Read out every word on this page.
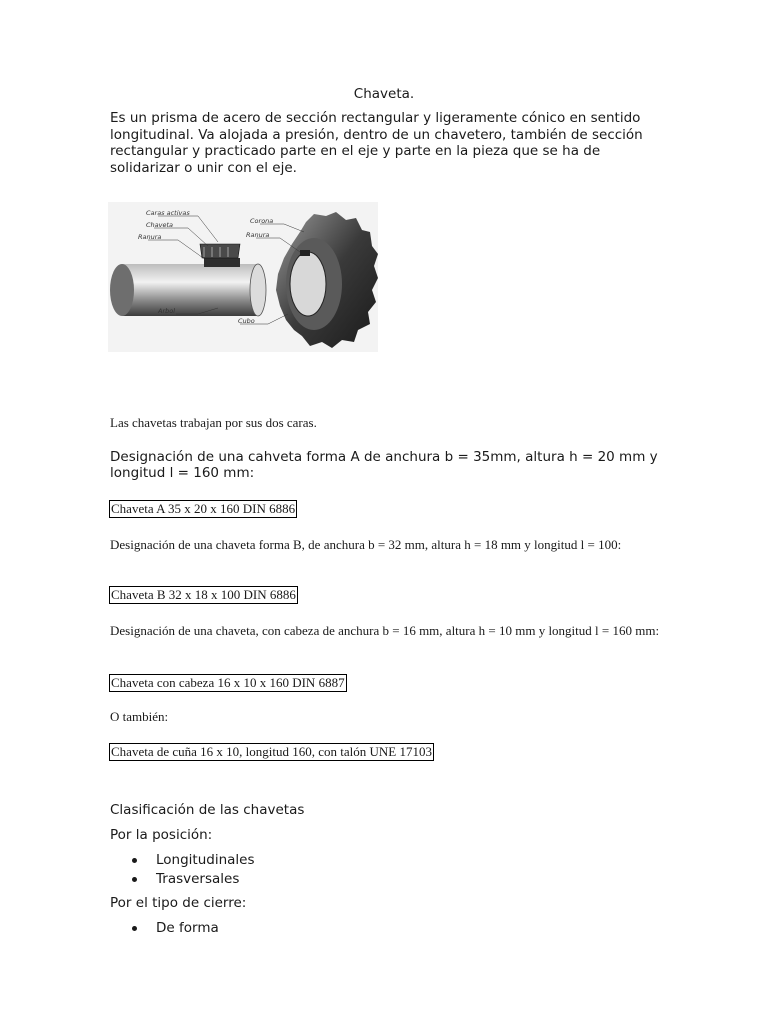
Chaveta.

Es un prisma de acero de sección rectangular y ligeramente cónico en sentido longitudinal. Va alojada a presión, dentro de un chavetero, también de sección rectangular y practicado parte en el eje y parte en la pieza que se ha de solidarizar o unir con el eje.

Caras activas
Chaveta
Ranura
Arbol
Corona
Ranura
Cubo

Las chavetas trabajan por sus dos caras.

Designación de una cahveta forma A de anchura b = 35mm, altura h = 20 mm y longitud l = 160 mm:

Chaveta A 35 x 20 x 160 DIN 6886

Designación de una chaveta forma B, de anchura b = 32 mm, altura h = 18 mm y longitud l = 100:

Chaveta B 32 x 18 x 100 DIN 6886

Designación de una chaveta, con cabeza de anchura b = 16 mm, altura h = 10 mm y longitud l = 160 mm:

Chaveta con cabeza 16 x 10 x 160 DIN 6887

O también:

Chaveta de cuña 16 x 10, longitud 160, con talón UNE 17103

Clasificación de las chavetas

Por la posición:

Longitudinales
Trasversales

Por el tipo de cierre:

De forma
